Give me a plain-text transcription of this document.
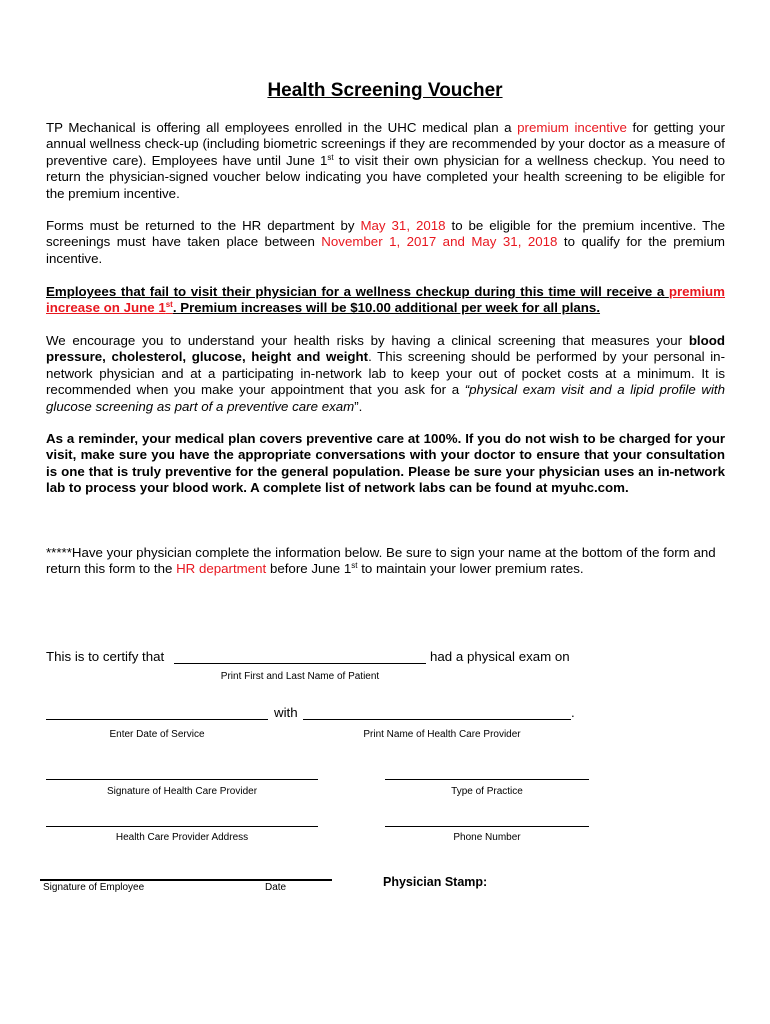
Health Screening Voucher

TP Mechanical is offering all employees enrolled in the UHC medical plan a premium incentive for getting your annual wellness check-up (including biometric screenings if they are recommended by your doctor as a measure of preventive care). Employees have until June 1st to visit their own physician for a wellness checkup. You need to return the physician-signed voucher below indicating you have completed your health screening to be eligible for the premium incentive.

Forms must be returned to the HR department by May 31, 2018 to be eligible for the premium incentive. The screenings must have taken place between November 1, 2017 and May 31, 2018 to qualify for the premium incentive.

Employees that fail to visit their physician for a wellness checkup during this time will receive a premium increase on June 1st. Premium increases will be $10.00 additional per week for all plans.

We encourage you to understand your health risks by having a clinical screening that measures your blood pressure, cholesterol, glucose, height and weight. This screening should be performed by your personal in-network physician and at a participating in-network lab to keep your out of pocket costs at a minimum. It is recommended when you make your appointment that you ask for a “physical exam visit and a lipid profile with glucose screening as part of a preventive care exam”.

As a reminder, your medical plan covers preventive care at 100%. If you do not wish to be charged for your visit, make sure you have the appropriate conversations with your doctor to ensure that your consultation is one that is truly preventive for the general population. Please be sure your physician uses an in-network lab to process your blood work. A complete list of network labs can be found at myuhc.com.

*****Have your physician complete the information below. Be sure to sign your name at the bottom of the form and return this form to the HR department before June 1st to maintain your lower premium rates.

This is to certify that	had a physical exam on
Print First and Last Name of Patient
with	.
Enter Date of Service	Print Name of Health Care Provider
Signature of Health Care Provider	Type of Practice
Health Care Provider Address	Phone Number
Signature of Employee	Date	Physician Stamp:
